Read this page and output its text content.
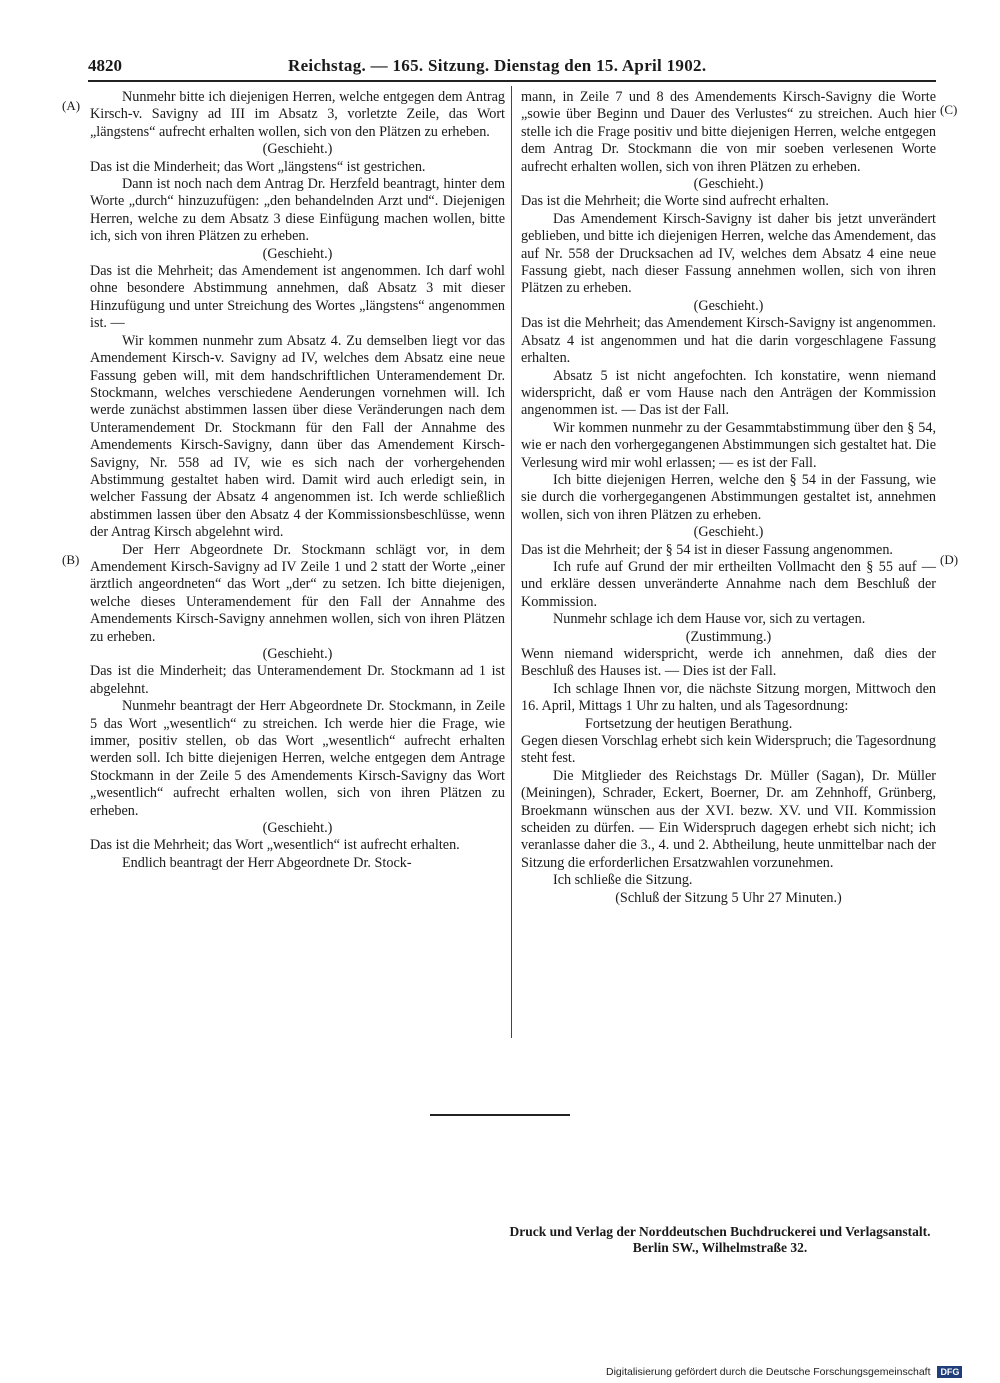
4820	Reichstag. — 165. Sitzung. Dienstag den 15. April 1902.
(A)
(B)
(C)
(D)

Nunmehr bitte ich diejenigen Herren, welche entgegen dem Antrag Kirsch-v. Savigny ad III im Absatz 3, vorletzte Zeile, das Wort „längstens“ aufrecht erhalten wollen, sich von den Plätzen zu erheben.

(Geschieht.)

Das ist die Minderheit; das Wort „längstens“ ist gestrichen.

Dann ist noch nach dem Antrag Dr. Herzfeld beantragt, hinter dem Worte „durch“ hinzuzufügen: „den behandelnden Arzt und“. Diejenigen Herren, welche zu dem Absatz 3 diese Einfügung machen wollen, bitte ich, sich von ihren Plätzen zu erheben.

(Geschieht.)

Das ist die Mehrheit; das Amendement ist angenommen. Ich darf wohl ohne besondere Abstimmung annehmen, daß Absatz 3 mit dieser Hinzufügung und unter Streichung des Wortes „längstens“ angenommen ist. —

Wir kommen nunmehr zum Absatz 4. Zu demselben liegt vor das Amendement Kirsch-v. Savigny ad IV, welches dem Absatz eine neue Fassung geben will, mit dem handschriftlichen Unteramendement Dr. Stockmann, welches verschiedene Aenderungen vornehmen will. Ich werde zunächst abstimmen lassen über diese Veränderungen nach dem Unteramendement Dr. Stockmann für den Fall der Annahme des Amendements Kirsch-Savigny, dann über das Amendement Kirsch-Savigny, Nr. 558 ad IV, wie es sich nach der vorhergehenden Abstimmung gestaltet haben wird. Damit wird auch erledigt sein, in welcher Fassung der Absatz 4 angenommen ist. Ich werde schließlich abstimmen lassen über den Absatz 4 der Kommissionsbeschlüsse, wenn der Antrag Kirsch abgelehnt wird.

Der Herr Abgeordnete Dr. Stockmann schlägt vor, in dem Amendement Kirsch-Savigny ad IV Zeile 1 und 2 statt der Worte „einer ärztlich angeordneten“ das Wort „der“ zu setzen. Ich bitte diejenigen, welche dieses Unteramendement für den Fall der Annahme des Amendements Kirsch-Savigny annehmen wollen, sich von ihren Plätzen zu erheben.

(Geschieht.)

Das ist die Minderheit; das Unteramendement Dr. Stockmann ad 1 ist abgelehnt.

Nunmehr beantragt der Herr Abgeordnete Dr. Stockmann, in Zeile 5 das Wort „wesentlich“ zu streichen. Ich werde hier die Frage, wie immer, positiv stellen, ob das Wort „wesentlich“ aufrecht erhalten werden soll. Ich bitte diejenigen Herren, welche entgegen dem Antrage Stockmann in der Zeile 5 des Amendements Kirsch-Savigny das Wort „wesentlich“ aufrecht erhalten wollen, sich von ihren Plätzen zu erheben.

(Geschieht.)

Das ist die Mehrheit; das Wort „wesentlich“ ist aufrecht erhalten.

Endlich beantragt der Herr Abgeordnete Dr. Stock-

mann, in Zeile 7 und 8 des Amendements Kirsch-Savigny die Worte „sowie über Beginn und Dauer des Verlustes“ zu streichen. Auch hier stelle ich die Frage positiv und bitte diejenigen Herren, welche entgegen dem Antrag Dr. Stockmann die von mir soeben verlesenen Worte aufrecht erhalten wollen, sich von ihren Plätzen zu erheben.

(Geschieht.)

Das ist die Mehrheit; die Worte sind aufrecht erhalten.

Das Amendement Kirsch-Savigny ist daher bis jetzt unverändert geblieben, und bitte ich diejenigen Herren, welche das Amendement, das auf Nr. 558 der Drucksachen ad IV, welches dem Absatz 4 eine neue Fassung giebt, nach dieser Fassung annehmen wollen, sich von ihren Plätzen zu erheben.

(Geschieht.)

Das ist die Mehrheit; das Amendement Kirsch-Savigny ist angenommen. Absatz 4 ist angenommen und hat die darin vorgeschlagene Fassung erhalten.

Absatz 5 ist nicht angefochten. Ich konstatire, wenn niemand widerspricht, daß er vom Hause nach den Anträgen der Kommission angenommen ist. — Das ist der Fall.

Wir kommen nunmehr zu der Gesammtabstimmung über den § 54, wie er nach den vorhergegangenen Abstimmungen sich gestaltet hat. Die Verlesung wird mir wohl erlassen; — es ist der Fall.

Ich bitte diejenigen Herren, welche den § 54 in der Fassung, wie sie durch die vorhergegangenen Abstimmungen gestaltet ist, annehmen wollen, sich von ihren Plätzen zu erheben.

(Geschieht.)

Das ist die Mehrheit; der § 54 ist in dieser Fassung angenommen.

Ich rufe auf Grund der mir ertheilten Vollmacht den § 55 auf — und erkläre dessen unveränderte Annahme nach dem Beschluß der Kommission.

Nunmehr schlage ich dem Hause vor, sich zu vertagen.

(Zustimmung.)

Wenn niemand widerspricht, werde ich annehmen, daß dies der Beschluß des Hauses ist. — Dies ist der Fall.

Ich schlage Ihnen vor, die nächste Sitzung morgen, Mittwoch den 16. April, Mittags 1 Uhr zu halten, und als Tagesordnung:

Fortsetzung der heutigen Berathung.

Gegen diesen Vorschlag erhebt sich kein Widerspruch; die Tagesordnung steht fest.

Die Mitglieder des Reichstags Dr. Müller (Sagan), Dr. Müller (Meiningen), Schrader, Eckert, Boerner, Dr. am Zehnhoff, Grünberg, Broekmann wünschen aus der XVI. bezw. XV. und VII. Kommission scheiden zu dürfen. — Ein Widerspruch dagegen erhebt sich nicht; ich veranlasse daher die 3., 4. und 2. Abtheilung, heute unmittelbar nach der Sitzung die erforderlichen Ersatzwahlen vorzunehmen.

Ich schließe die Sitzung.

(Schluß der Sitzung 5 Uhr 27 Minuten.)

Druck und Verlag der Norddeutschen Buchdruckerei und Verlagsanstalt.
Berlin SW., Wilhelmstraße 32.
Digitalisierung gefördert durch die Deutsche Forschungsgemeinschaft DFG
